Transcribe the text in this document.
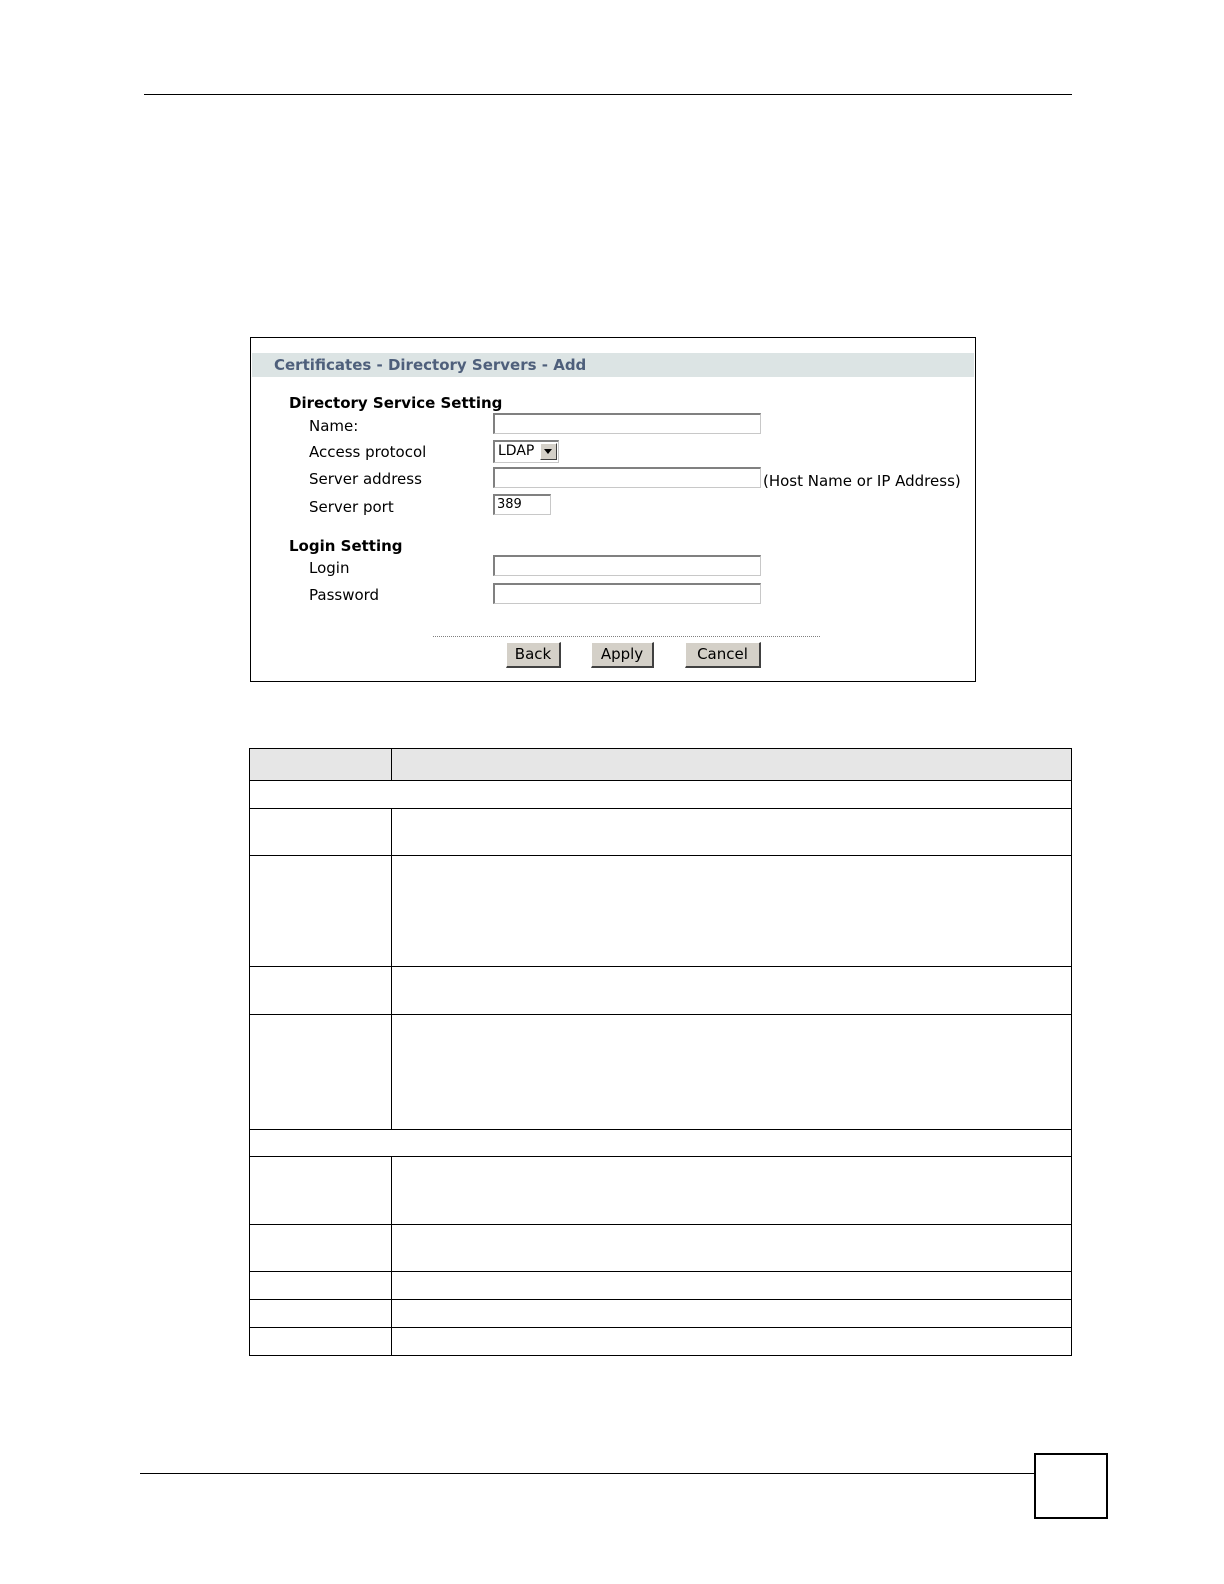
Certificates - Directory Servers - Add
Directory Service Setting
Name:
Access protocol	LDAP
Server address	(Host Name or IP Address)
Server port	389
Login Setting
Login
Password
Back	Apply	Cancel
